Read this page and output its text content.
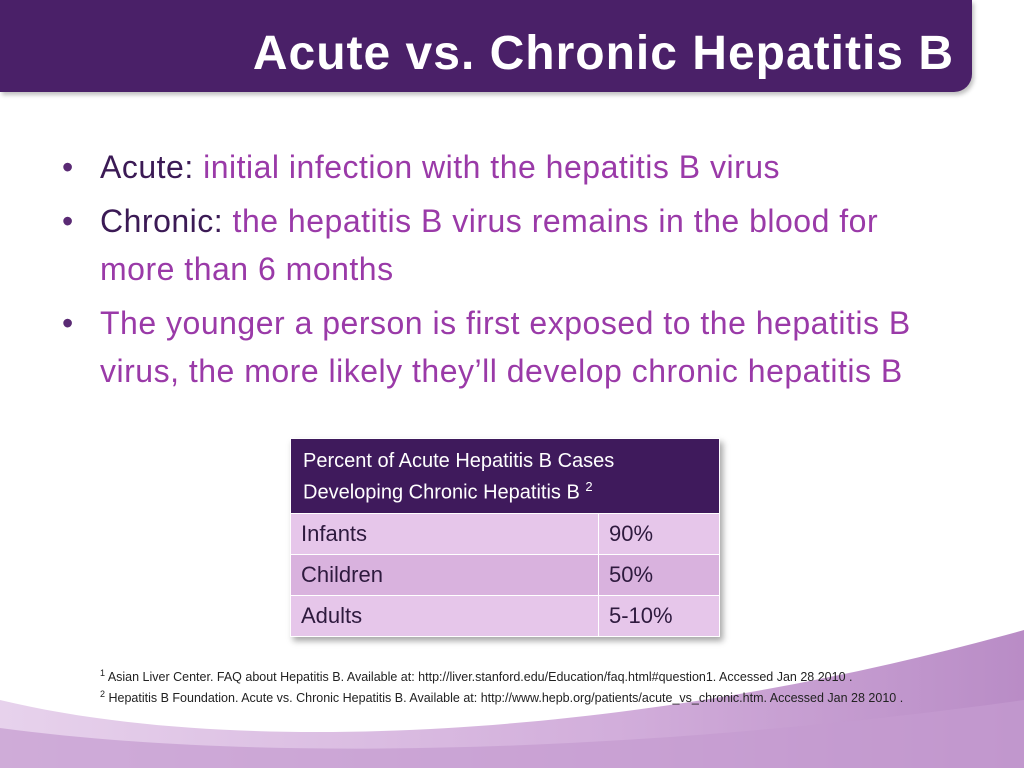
Acute vs. Chronic Hepatitis B
• Acute: initial infection with the hepatitis B virus
• Chronic: the hepatitis B virus remains in the blood for more than 6 months
• The younger a person is first exposed to the hepatitis B virus, the more likely they’ll develop chronic hepatitis B
Percent of Acute Hepatitis B Cases Developing Chronic Hepatitis B $^2$
Infants	90%
Children	50%
Adults	5-10%

$^1$ Asian Liver Center. FAQ about Hepatitis B. Available at: http://liver.stanford.edu/Education/faq.html#question1. Accessed Jan 28 2010 .

$^2$ Hepatitis B Foundation. Acute vs. Chronic Hepatitis B. Available at: http://www.hepb.org/patients/acute_vs_chronic.htm. Accessed Jan 28 2010 .
